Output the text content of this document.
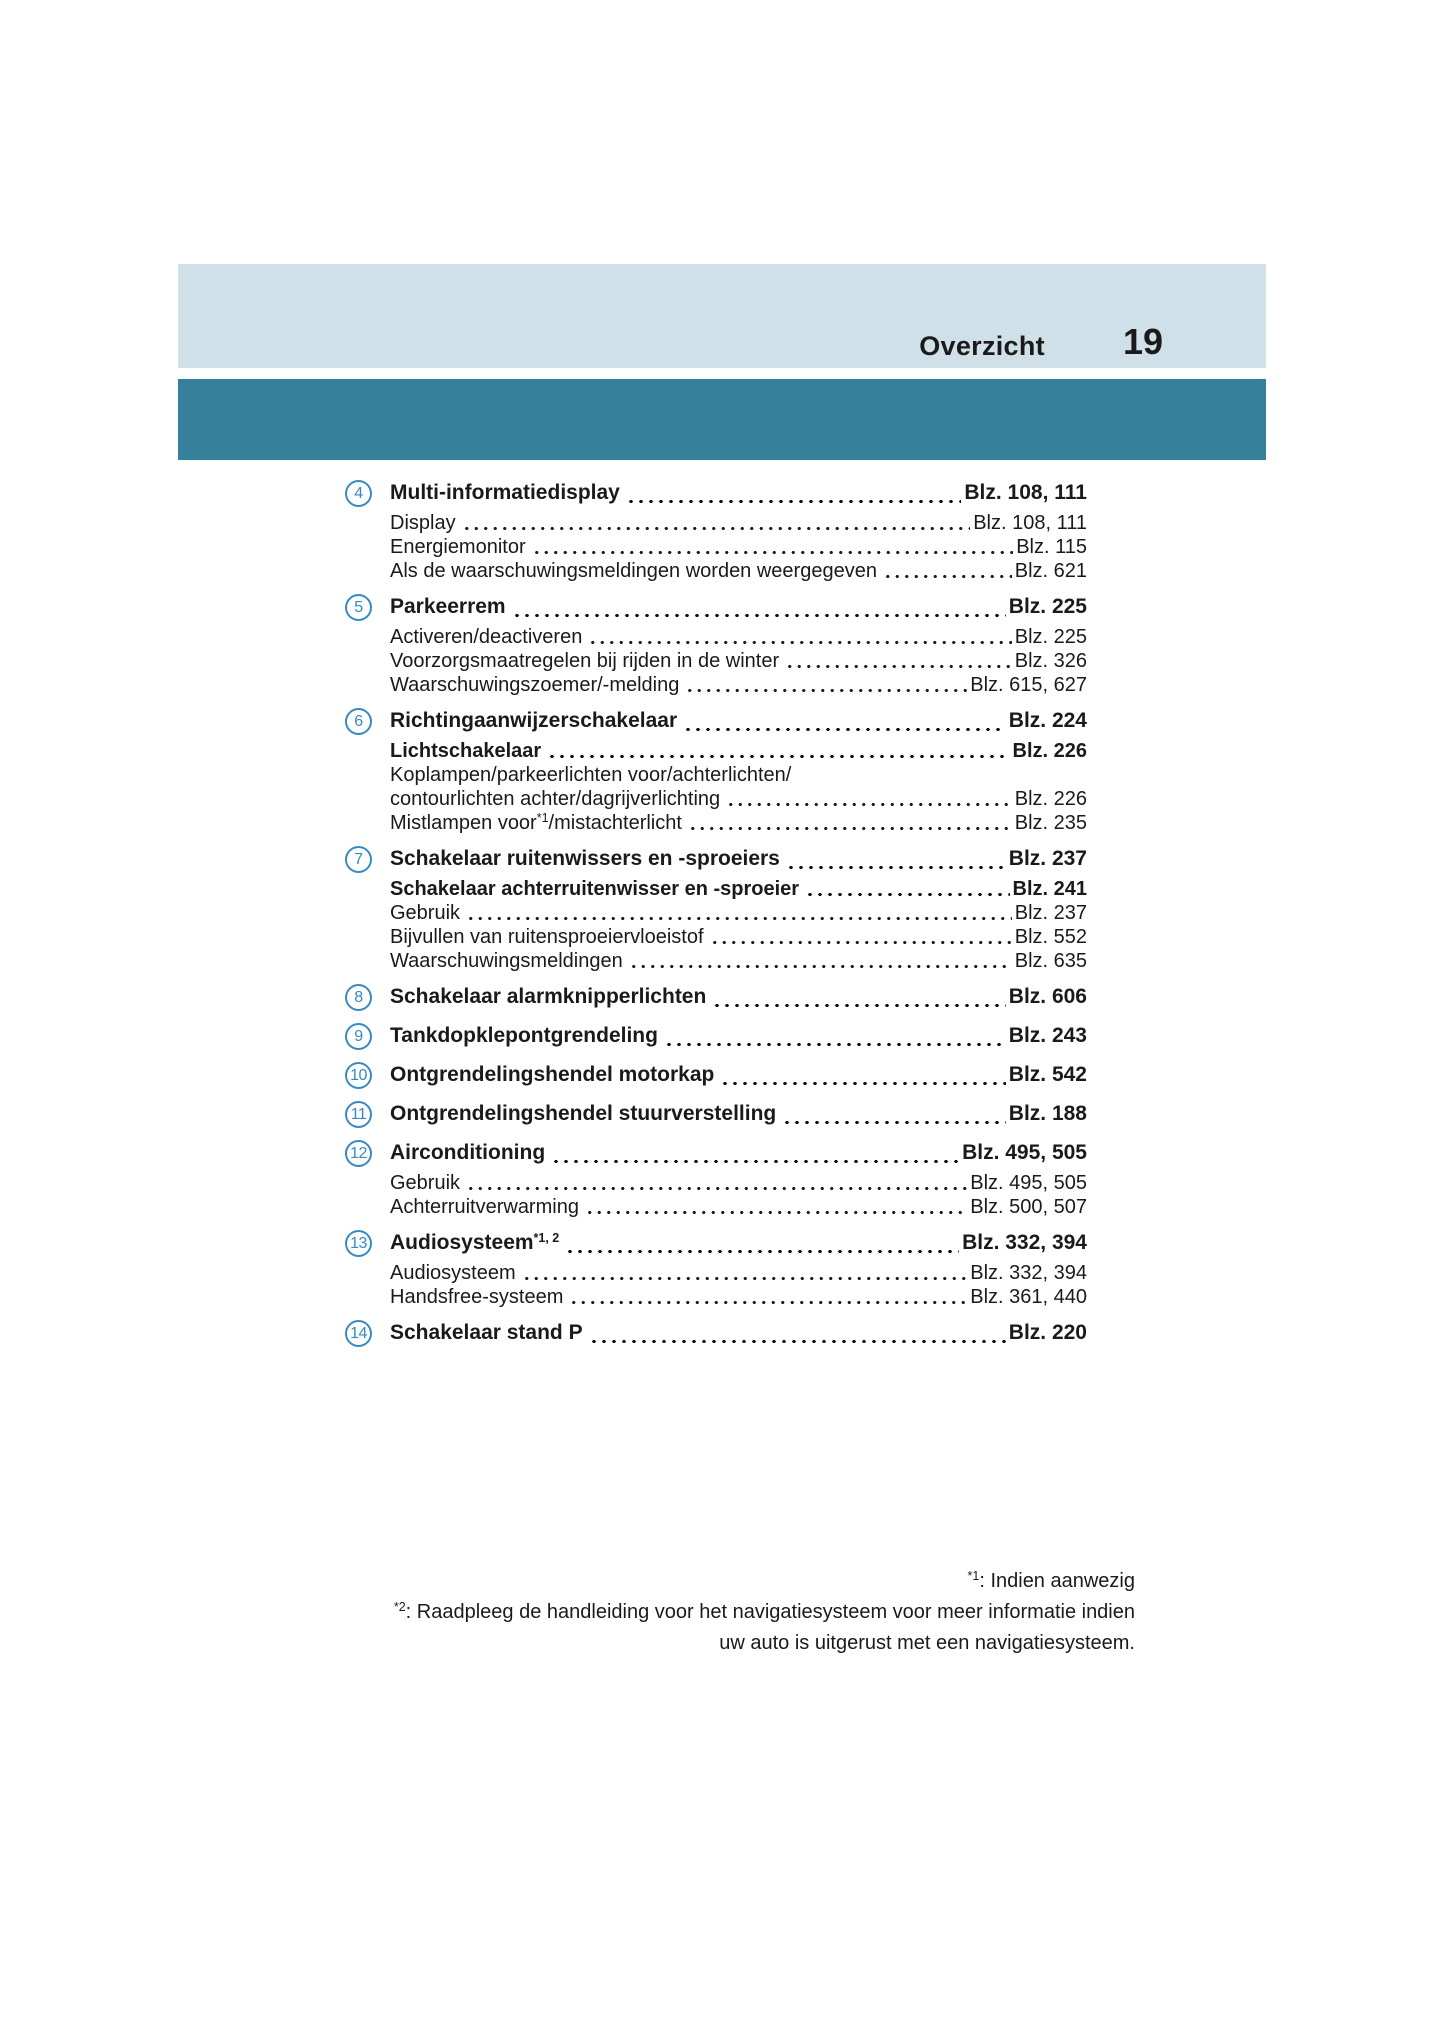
Overzicht 19
4	Multi-informatiedisplay	Blz. 108, 111
Display	Blz. 108, 111
Energiemonitor	Blz. 115
Als de waarschuwingsmeldingen worden weergegeven	Blz. 621
5	Parkeerrem	Blz. 225
Activeren/deactiveren	Blz. 225
Voorzorgsmaatregelen bij rijden in de winter	Blz. 326
Waarschuwingszoemer/-melding	Blz. 615, 627
6	Richtingaanwijzerschakelaar	Blz. 224
Lichtschakelaar	Blz. 226
Koplampen/parkeerlichten voor/achterlichten/
contourlichten achter/dagrijverlichting	Blz. 226
Mistlampen voor$^{*1}$/mistachterlicht	Blz. 235
7	Schakelaar ruitenwissers en -sproeiers	Blz. 237
Schakelaar achterruitenwisser en -sproeier	Blz. 241
Gebruik	Blz. 237
Bijvullen van ruitensproeiervloeistof	Blz. 552
Waarschuwingsmeldingen	Blz. 635
8	Schakelaar alarmknipperlichten	Blz. 606
9	Tankdopklepontgrendeling	Blz. 243
10 Ontgrendelingshendel motorkap	Blz. 542
11 Ontgrendelingshendel stuurverstelling	Blz. 188
12 Airconditioning	Blz. 495, 505
Gebruik	Blz. 495, 505
Achterruitverwarming	Blz. 500, 507
13 Audiosysteem$^{*1, 2}$	Blz. 332, 394
Audiosysteem	Blz. 332, 394
Handsfree-systeem	Blz. 361, 440
14 Schakelaar stand P	Blz. 220
$^{*1}$: Indien aanwezig
$^{*2}$: Raadpleeg de handleiding voor het navigatiesysteem voor meer informatie indien
uw auto is uitgerust met een navigatiesysteem.
